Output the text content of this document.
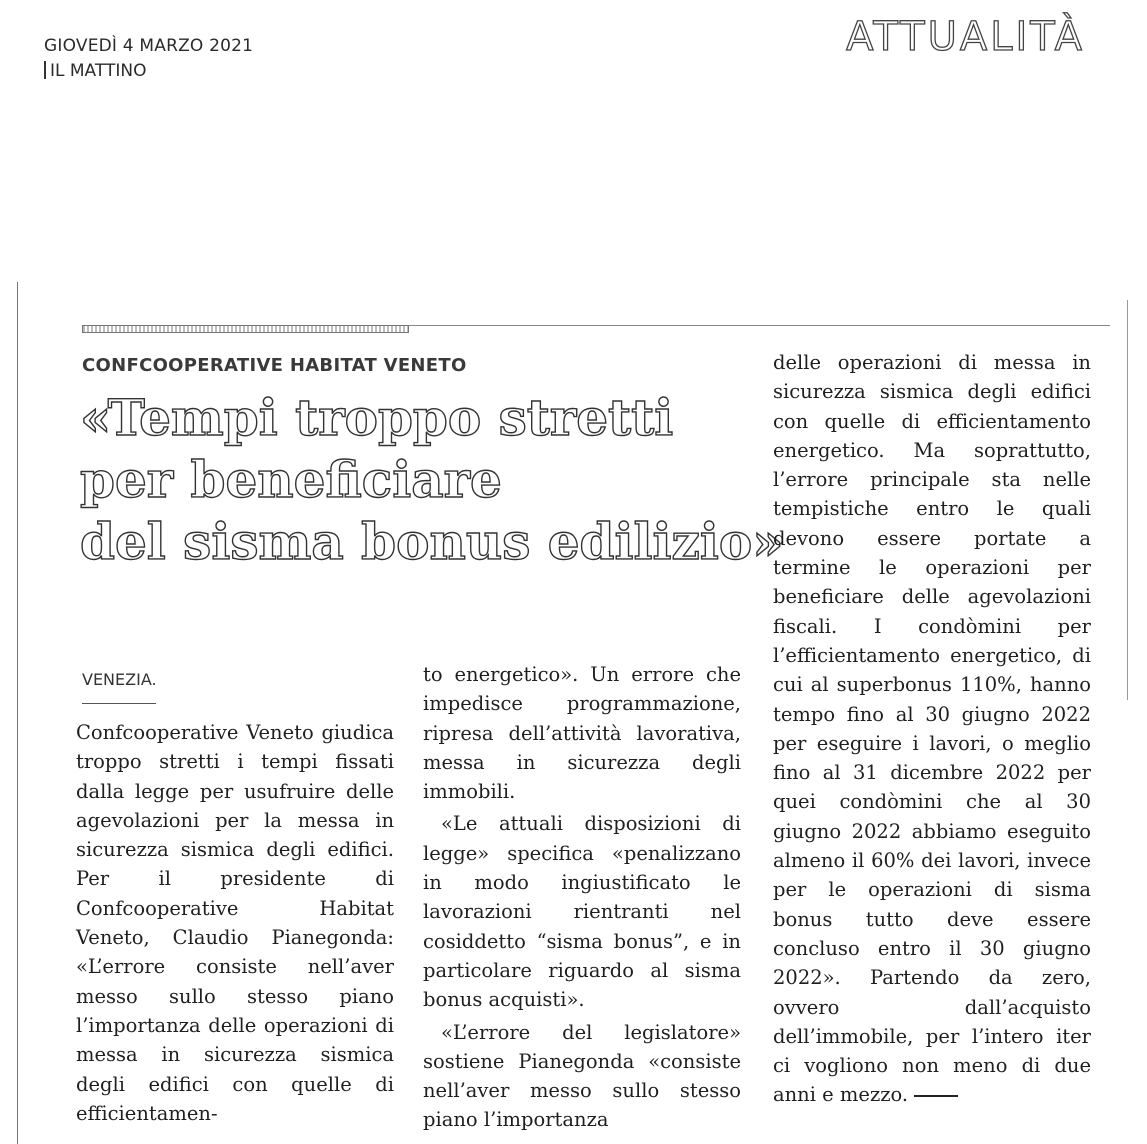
GIOVEDÌ 4 MARZO 2021
IL MATTINO
ATTUALITÀ
CONFCOOPERATIVE HABITAT VENETO
«Tempi troppo stretti
per beneficiare
del sisma bonus edilizio»
VENEZIA.

Confcooperative Veneto giudica troppo stretti i tempi fissati dalla legge per usufruire delle agevolazioni per la messa in sicurezza sismica degli edifici. Per il presidente di Confcooperative Habitat Veneto, Claudio Pianegonda: «L’errore consiste nell’aver messo sullo stesso piano l’importanza delle operazioni di messa in sicurezza sismica degli edifici con quelle di efficientamen-

to energetico». Un errore che impedisce programmazione, ripresa dell’attività lavorativa, messa in sicurezza degli immobili.

«Le attuali disposizioni di legge» specifica «penalizzano in modo ingiustificato le lavorazioni rientranti nel cosiddetto “sisma bonus”, e in particolare riguardo al sisma bonus acquisti».

«L’errore del legislatore» sostiene Pianegonda «consiste nell’aver messo sullo stesso piano l’importanza

delle operazioni di messa in sicurezza sismica degli edifici con quelle di efficientamento energetico. Ma soprattutto, l’errore principale sta nelle tempistiche entro le quali devono essere portate a termine le operazioni per beneficiare delle agevolazioni fiscali. I condòmini per l’efficientamento energetico, di cui al superbonus 110%, hanno tempo fino al 30 giugno 2022 per eseguire i lavori, o meglio fino al 31 dicembre 2022 per quei condòmini che al 30 giugno 2022 abbiamo eseguito almeno il 60% dei lavori, invece per le operazioni di sisma bonus tutto deve essere concluso entro il 30 giugno 2022». Partendo da zero, ovvero dall’acquisto dell’immobile, per l’intero iter ci vogliono non meno di due anni e mezzo.
